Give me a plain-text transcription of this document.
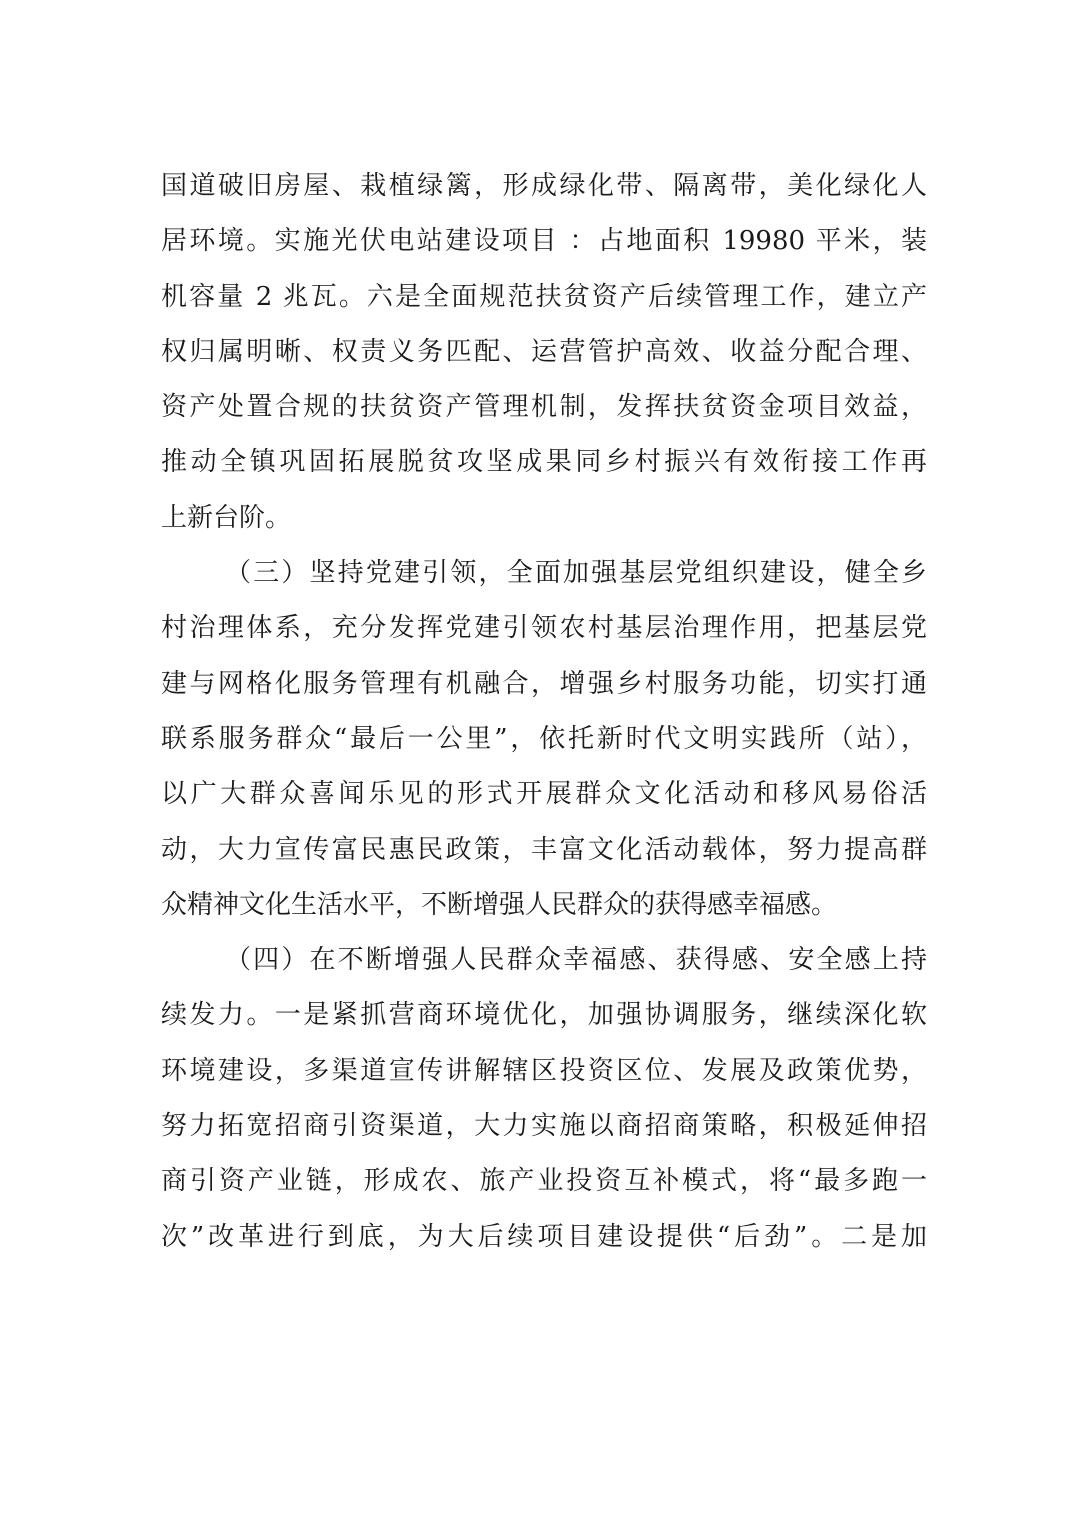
国道破旧房屋、栽植绿篱，形成绿化带、隔离带，美化绿化人
居环境。实施光伏电站建设项目 ：占地面积 19980 平米，装
机容量 2 兆瓦。六是全面规范扶贫资产后续管理工作，建立产
权归属明晰、权责义务匹配、运营管护高效、收益分配合理、
资产处置合规的扶贫资产管理机制，发挥扶贫资金项目效益，
推动全镇巩固拓展脱贫攻坚成果同乡村振兴有效衔接工作再
上新台阶。
（三）坚持党建引领，全面加强基层党组织建设，健全乡
村治理体系，充分发挥党建引领农村基层治理作用，把基层党
建与网格化服务管理有机融合，增强乡村服务功能，切实打通
联系服务群众“最后一公里”，依托新时代文明实践所（站），
以广大群众喜闻乐见的形式开展群众文化活动和移风易俗活
动，大力宣传富民惠民政策，丰富文化活动载体，努力提高群
众精神文化生活水平，不断增强人民群众的获得感幸福感。
（四）在不断增强人民群众幸福感、获得感、安全感上持
续发力。一是紧抓营商环境优化，加强协调服务，继续深化软
环境建设，多渠道宣传讲解辖区投资区位、发展及政策优势，
努力拓宽招商引资渠道，大力实施以商招商策略，积极延伸招
商引资产业链，形成农、旅产业投资互补模式，将“最多跑一
次”改革进行到底，为大后续项目建设提供“后劲”。二是加
